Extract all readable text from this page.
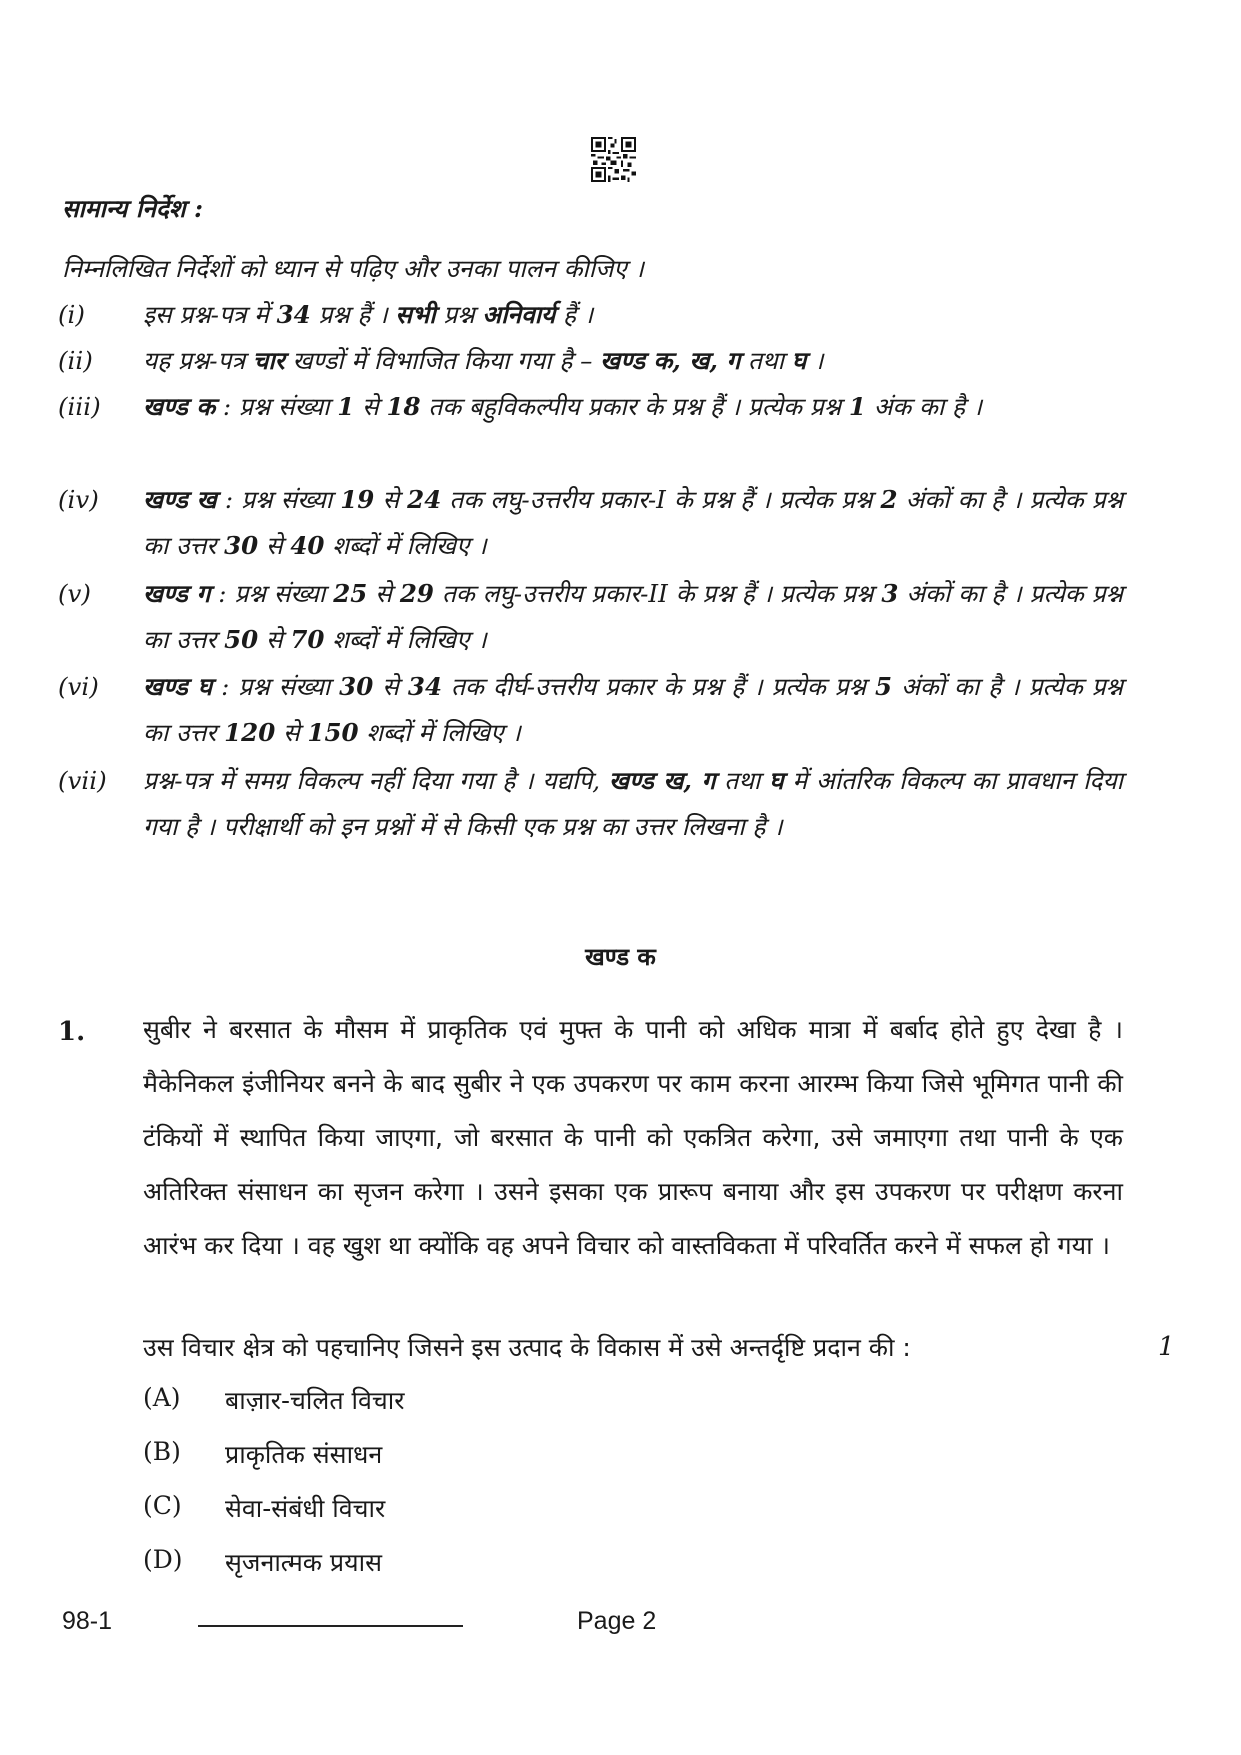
सामान्य निर्देश :
निम्नलिखित निर्देशों को ध्यान से पढ़िए और उनका पालन कीजिए ।
(i) इस प्रश्न-पत्र में 34 प्रश्न हैं । सभी प्रश्न अनिवार्य हैं ।
(ii) यह प्रश्न-पत्र चार खण्डों में विभाजित किया गया है – खण्ड क, ख, ग तथा घ ।
(iii) खण्ड क : प्रश्न संख्या 1 से 18 तक बहुविकल्पीय प्रकार के प्रश्न हैं । प्रत्येक प्रश्न 1 अंक का है ।
(iv) खण्ड ख : प्रश्न संख्या 19 से 24 तक लघु-उत्तरीय प्रकार-I के प्रश्न हैं । प्रत्येक प्रश्न 2 अंकों का है । प्रत्येक प्रश्न का उत्तर 30 से 40 शब्दों में लिखिए ।
(v) खण्ड ग : प्रश्न संख्या 25 से 29 तक लघु-उत्तरीय प्रकार-II के प्रश्न हैं । प्रत्येक प्रश्न 3 अंकों का है । प्रत्येक प्रश्न का उत्तर 50 से 70 शब्दों में लिखिए ।
(vi) खण्ड घ : प्रश्न संख्या 30 से 34 तक दीर्घ-उत्तरीय प्रकार के प्रश्न हैं । प्रत्येक प्रश्न 5 अंकों का है । प्रत्येक प्रश्न का उत्तर 120 से 150 शब्दों में लिखिए ।
(vii) प्रश्न-पत्र में समग्र विकल्प नहीं दिया गया है । यद्यपि, खण्ड ख, ग तथा घ में आंतरिक विकल्प का प्रावधान दिया गया है । परीक्षार्थी को इन प्रश्नों में से किसी एक प्रश्न का उत्तर लिखना है ।
खण्ड क
1. सुबीर ने बरसात के मौसम में प्राकृतिक एवं मुफ्त के पानी को अधिक मात्रा में बर्बाद होते हुए देखा है । मैकेनिकल इंजीनियर बनने के बाद सुबीर ने एक उपकरण पर काम करना आरम्भ किया जिसे भूमिगत पानी की टंकियों में स्थापित किया जाएगा, जो बरसात के पानी को एकत्रित करेगा, उसे जमाएगा तथा पानी के एक अतिरिक्त संसाधन का सृजन करेगा । उसने इसका एक प्रारूप बनाया और इस उपकरण पर परीक्षण करना आरंभ कर दिया । वह खुश था क्योंकि वह अपने विचार को वास्तविकता में परिवर्तित करने में सफल हो गया ।
उस विचार क्षेत्र को पहचानिए जिसने इस उत्पाद के विकास में उसे अन्तर्दृष्टि प्रदान की :	1
(A) बाज़ार-चलित विचार
(B) प्राकृतिक संसाधन
(C) सेवा-संबंधी विचार
(D) सृजनात्मक प्रयास
98-1	Page 2
